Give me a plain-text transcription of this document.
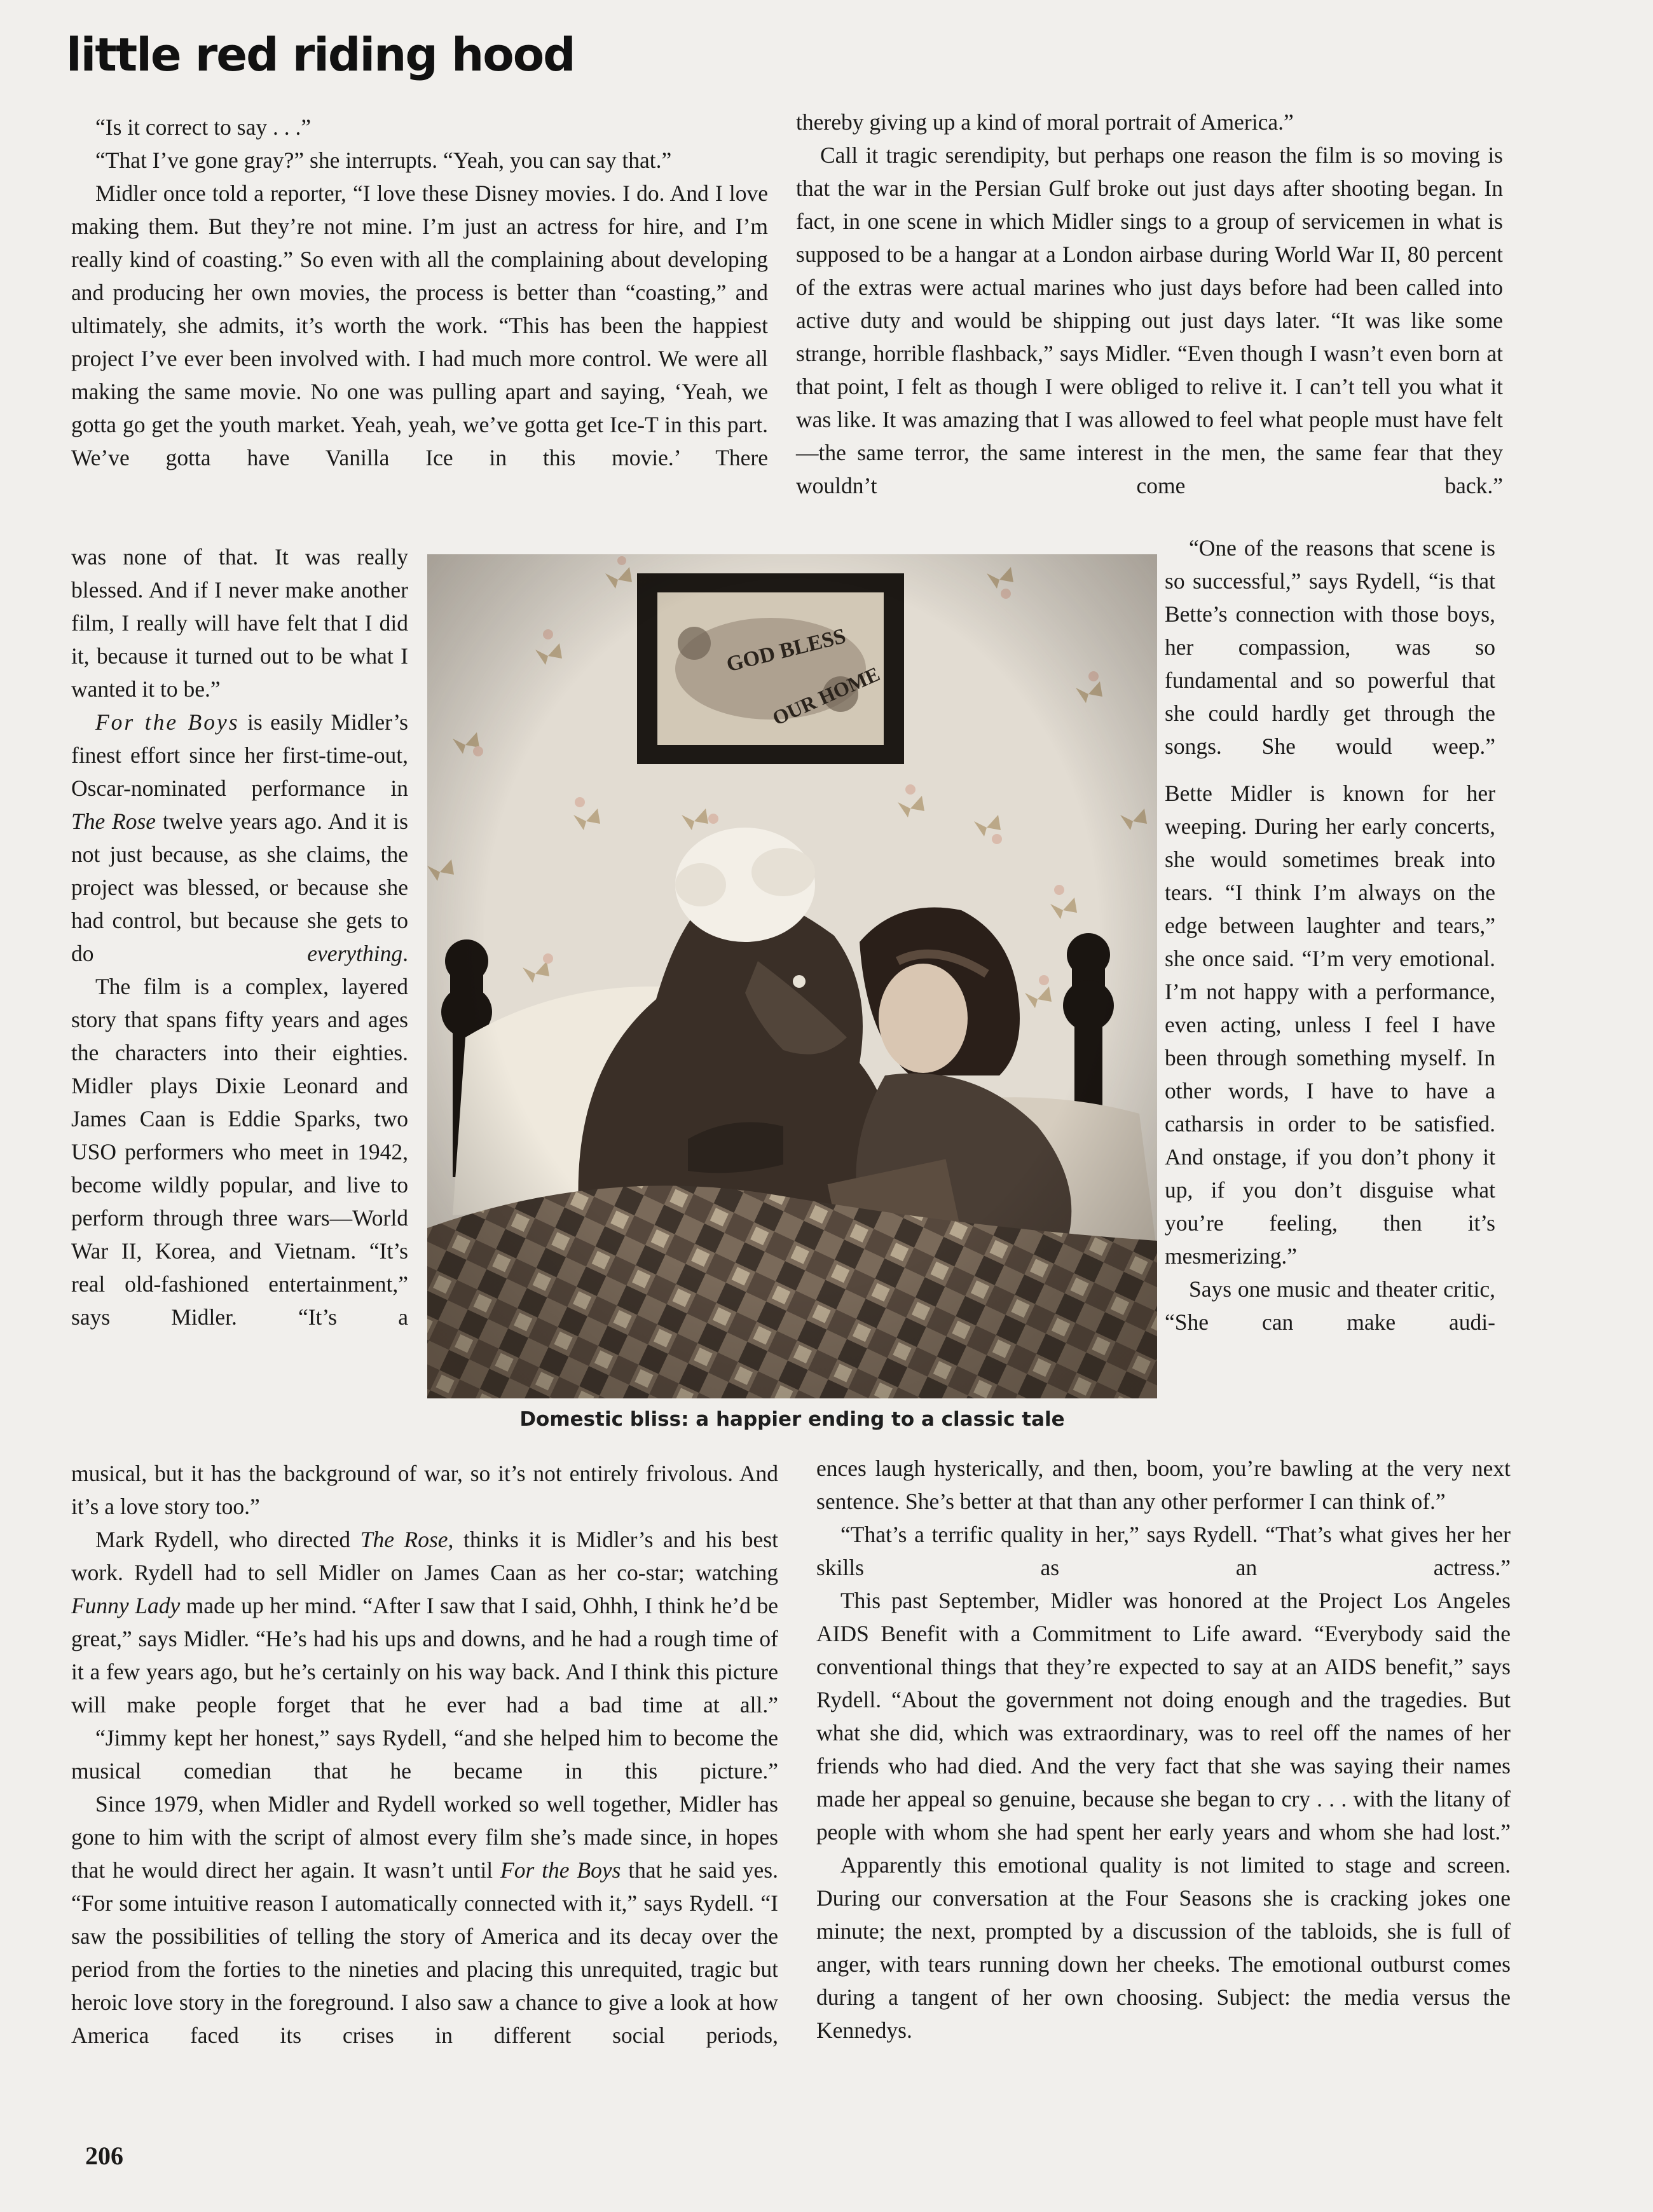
little red riding hood

“Is it correct to say . . .”

“That I’ve gone gray?” she interrupts. “Yeah, you can say that.”

Midler once told a reporter, “I love these Disney movies. I do. And I love making them. But they’re not mine. I’m just an actress for hire, and I’m really kind of coasting.” So even with all the complaining about developing and producing her own movies, the process is better than “coasting,” and ultimately, she admits, it’s worth the work. “This has been the happiest project I’ve ever been involved with. I had much more control. We were all making the same movie. No one was pulling apart and saying, ‘Yeah, we gotta go get the youth market. Yeah, yeah, we’ve gotta get Ice-T in this part. We’ve gotta have Vanilla Ice in this movie.’ There

was none of that. It was really blessed. And if I never make another film, I really will have felt that I did it, because it turned out to be what I wanted it to be.”

For the Boys is easily Midler’s finest effort since her first-time-out, Oscar-nominated performance in The Rose twelve years ago. And it is not just because, as she claims, the project was blessed, or because she had control, but because she gets to do everything.

The film is a complex, layered story that spans fifty years and ages the characters into their eighties. Midler plays Dixie Leonard and James Caan is Eddie Sparks, two USO performers who meet in 1942, become wildly popular, and live to perform through three wars—World War II, Korea, and Vietnam. “It’s real old-fashioned entertainment,” says Midler. “It’s a

musical, but it has the background of war, so it’s not entirely frivolous. And it’s a love story too.”

Mark Rydell, who directed The Rose, thinks it is Midler’s and his best work. Rydell had to sell Midler on James Caan as her co-star; watching Funny Lady made up her mind. “After I saw that I said, Ohhh, I think he’d be great,” says Midler. “He’s had his ups and downs, and he had a rough time of it a few years ago, but he’s certainly on his way back. And I think this picture will make people forget that he ever had a bad time at all.”

“Jimmy kept her honest,” says Rydell, “and she helped him to become the musical comedian that he became in this picture.”

Since 1979, when Midler and Rydell worked so well together, Midler has gone to him with the script of almost every film she’s made since, in hopes that he would direct her again. It wasn’t until For the Boys that he said yes. “For some intuitive reason I automatically connected with it,” says Rydell. “I saw the possibilities of telling the story of America and its decay over the period from the forties to the nineties and placing this unrequited, tragic but heroic love story in the foreground. I also saw a chance to give a look at how America faced its crises in different social periods,

thereby giving up a kind of moral portrait of America.”

Call it tragic serendipity, but perhaps one reason the film is so moving is that the war in the Persian Gulf broke out just days after shooting began. In fact, in one scene in which Midler sings to a group of servicemen in what is supposed to be a hangar at a London airbase during World War II, 80 percent of the extras were actual marines who just days before had been called into active duty and would be shipping out just days later. “It was like some strange, horrible flashback,” says Midler. “Even though I wasn’t even born at that point, I felt as though I were obliged to relive it. I can’t tell you what it was like. It was amazing that I was allowed to feel what people must have felt—the same terror, the same interest in the men, the same fear that they wouldn’t come back.”

“One of the reasons that scene is so successful,” says Rydell, “is that Bette’s connection with those boys, her compassion, was so fundamental and so powerful that she could hardly get through the songs. She would weep.”

Bette Midler is known for her weeping. During her early concerts, she would sometimes break into tears. “I think I’m always on the edge between laughter and tears,” she once said. “I’m very emotional. I’m not happy with a performance, even acting, unless I feel I have been through something myself. In other words, I have to have a catharsis in order to be satisfied. And onstage, if you don’t phony it up, if you don’t disguise what you’re feeling, then it’s mesmerizing.”

Says one music and theater critic, “She can make audi-

ences laugh hysterically, and then, boom, you’re bawling at the very next sentence. She’s better at that than any other performer I can think of.”

“That’s a terrific quality in her,” says Rydell. “That’s what gives her her skills as an actress.”

This past September, Midler was honored at the Project Los Angeles AIDS Benefit with a Commitment to Life award. “Everybody said the conventional things that they’re expected to say at an AIDS benefit,” says Rydell. “About the government not doing enough and the tragedies. But what she did, which was extraordinary, was to reel off the names of her friends who had died. And the very fact that she was saying their names made her appeal so genuine, because she began to cry . . . with the litany of people with whom she had spent her early years and whom she had lost.”

Apparently this emotional quality is not limited to stage and screen. During our conversation at the Four Seasons she is cracking jokes one minute; the next, prompted by a discussion of the tabloids, she is full of anger, with tears running down her cheeks. The emotional outburst comes during a tangent of her own choosing. Subject: the media versus the Kennedys.

Domestic bliss: a happier ending to a classic tale

206
